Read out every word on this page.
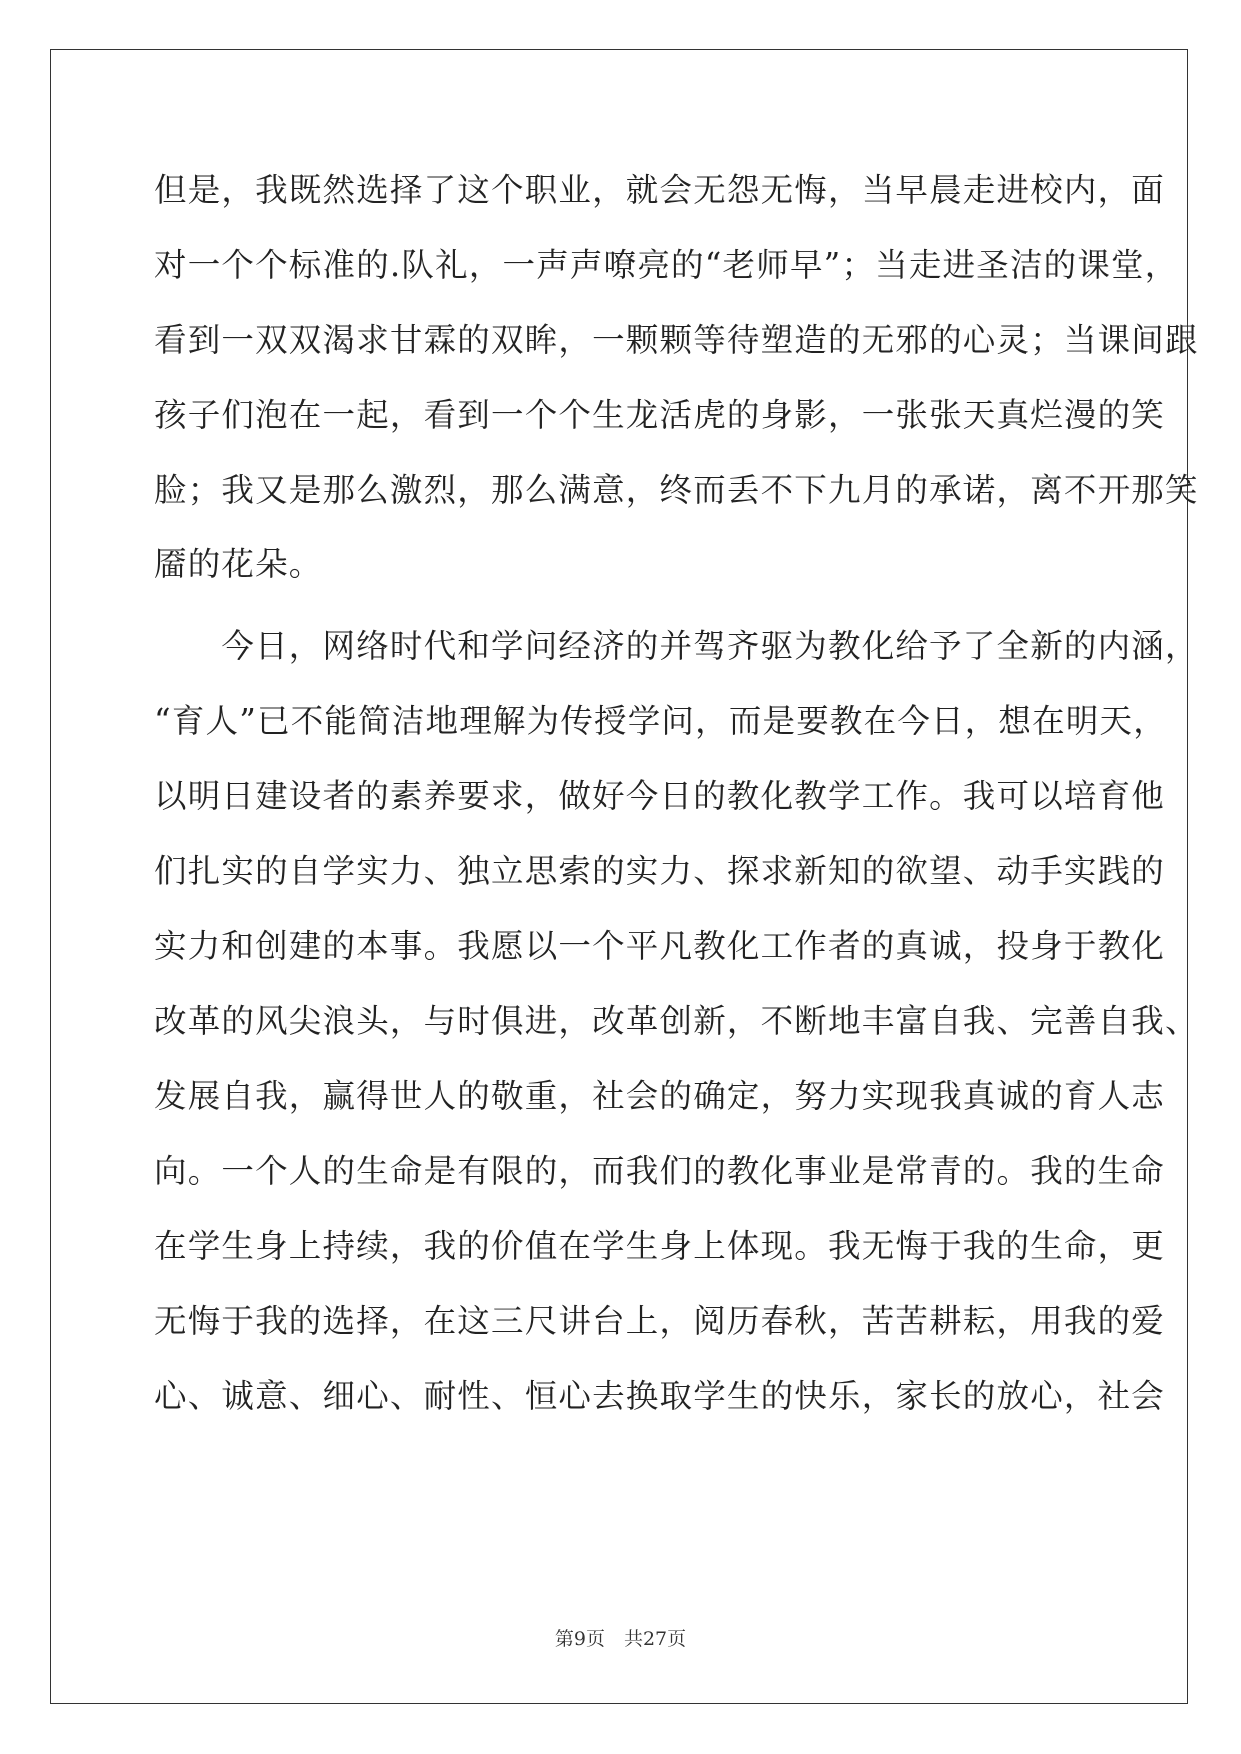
但是，我既然选择了这个职业，就会无怨无悔，当早晨走进校内，面
对一个个标准的.队礼，一声声嘹亮的“老师早”；当走进圣洁的课堂，
看到一双双渴求甘霖的双眸，一颗颗等待塑造的无邪的心灵；当课间跟
孩子们泡在一起，看到一个个生龙活虎的身影，一张张天真烂漫的笑
脸；我又是那么激烈，那么满意，终而丢不下九月的承诺，离不开那笑
靥的花朵。
　　今日，网络时代和学问经济的并驾齐驱为教化给予了全新的内涵，
“育人”已不能简洁地理解为传授学问，而是要教在今日，想在明天，
以明日建设者的素养要求，做好今日的教化教学工作。我可以培育他
们扎实的自学实力、独立思索的实力、探求新知的欲望、动手实践的
实力和创建的本事。我愿以一个平凡教化工作者的真诚，投身于教化
改革的风尖浪头，与时俱进，改革创新，不断地丰富自我、完善自我、
发展自我，赢得世人的敬重，社会的确定，努力实现我真诚的育人志
向。一个人的生命是有限的，而我们的教化事业是常青的。我的生命
在学生身上持续，我的价值在学生身上体现。我无悔于我的生命，更
无悔于我的选择，在这三尺讲台上，阅历春秋，苦苦耕耘，用我的爱
心、诚意、细心、耐性、恒心去换取学生的快乐，家长的放心，社会
第9页　共27页
